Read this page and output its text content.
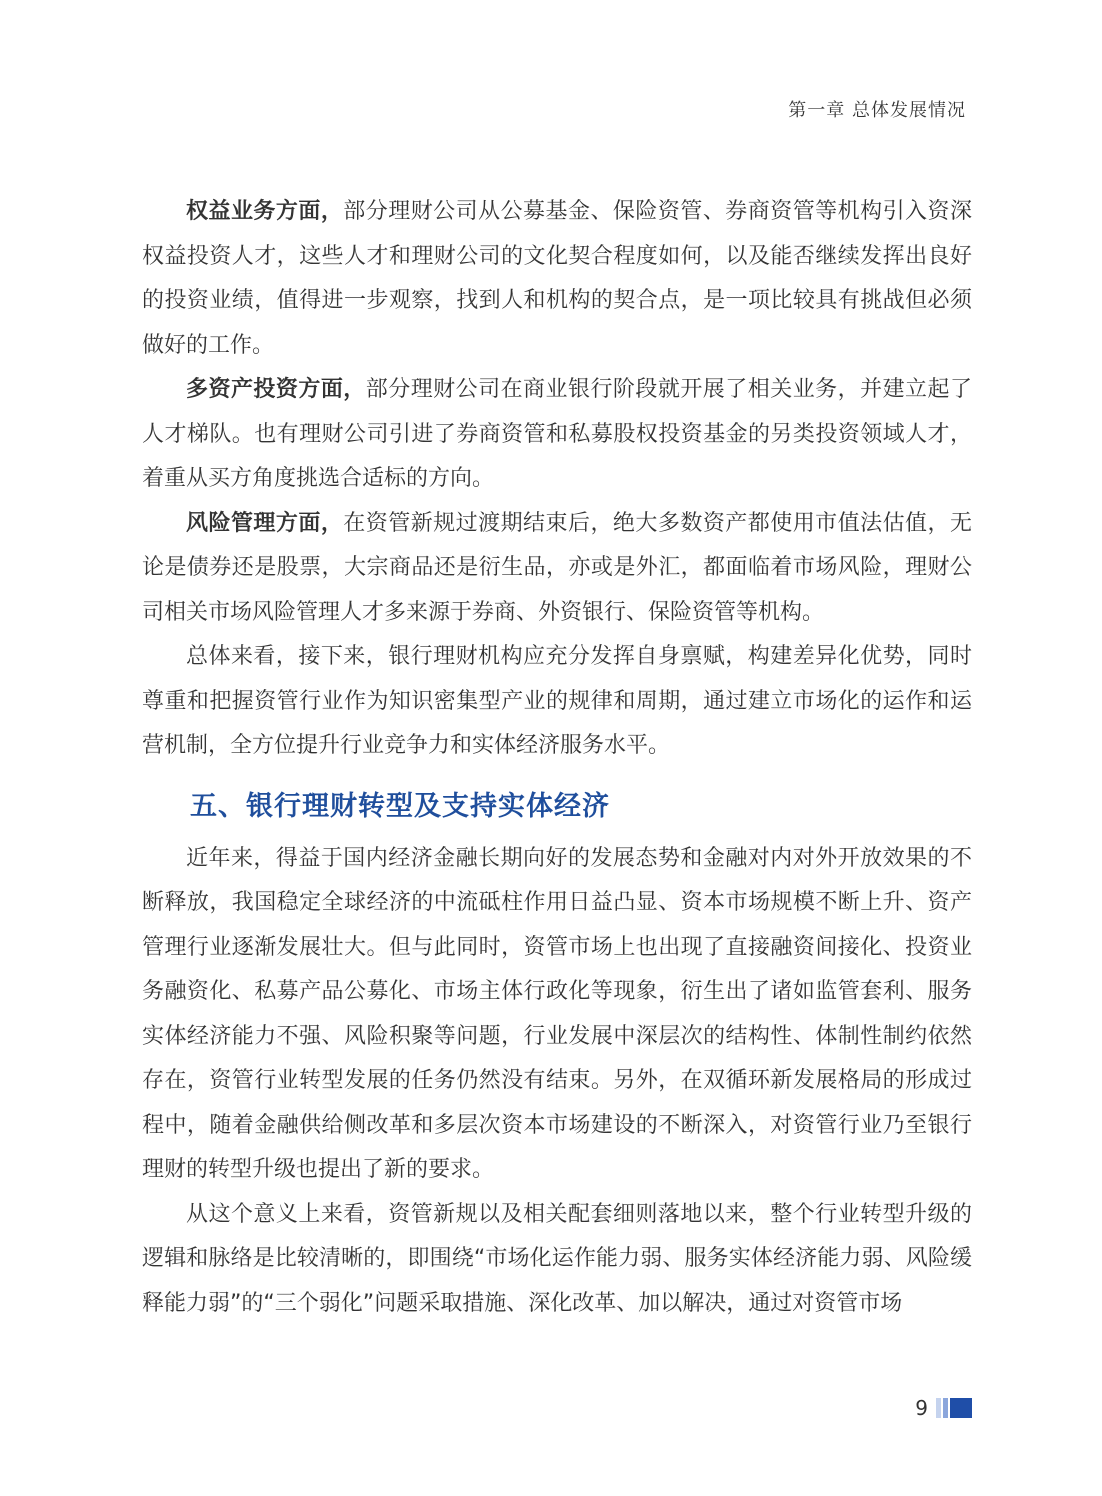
第一章 总体发展情况

权益业务方面，部分理财公司从公募基金、保险资管、券商资管等机构引入资深权益投资人才，这些人才和理财公司的文化契合程度如何，以及能否继续发挥出良好的投资业绩，值得进一步观察，找到人和机构的契合点，是一项比较具有挑战但必须做好的工作。

多资产投资方面，部分理财公司在商业银行阶段就开展了相关业务，并建立起了人才梯队。也有理财公司引进了券商资管和私募股权投资基金的另类投资领域人才，着重从买方角度挑选合适标的方向。

风险管理方面，在资管新规过渡期结束后，绝大多数资产都使用市值法估值，无论是债券还是股票，大宗商品还是衍生品，亦或是外汇，都面临着市场风险，理财公司相关市场风险管理人才多来源于券商、外资银行、保险资管等机构。

总体来看，接下来，银行理财机构应充分发挥自身禀赋，构建差异化优势，同时尊重和把握资管行业作为知识密集型产业的规律和周期，通过建立市场化的运作和运营机制，全方位提升行业竞争力和实体经济服务水平。

五、银行理财转型及支持实体经济

近年来，得益于国内经济金融长期向好的发展态势和金融对内对外开放效果的不断释放，我国稳定全球经济的中流砥柱作用日益凸显、资本市场规模不断上升、资产管理行业逐渐发展壮大。但与此同时，资管市场上也出现了直接融资间接化、投资业务融资化、私募产品公募化、市场主体行政化等现象，衍生出了诸如监管套利、服务实体经济能力不强、风险积聚等问题，行业发展中深层次的结构性、体制性制约依然存在，资管行业转型发展的任务仍然没有结束。另外，在双循环新发展格局的形成过程中，随着金融供给侧改革和多层次资本市场建设的不断深入，对资管行业乃至银行理财的转型升级也提出了新的要求。

从这个意义上来看，资管新规以及相关配套细则落地以来，整个行业转型升级的逻辑和脉络是比较清晰的，即围绕“市场化运作能力弱、服务实体经济能力弱、风险缓释能力弱”的“三个弱化”问题采取措施、深化改革、加以解决，通过对资管市场

9
